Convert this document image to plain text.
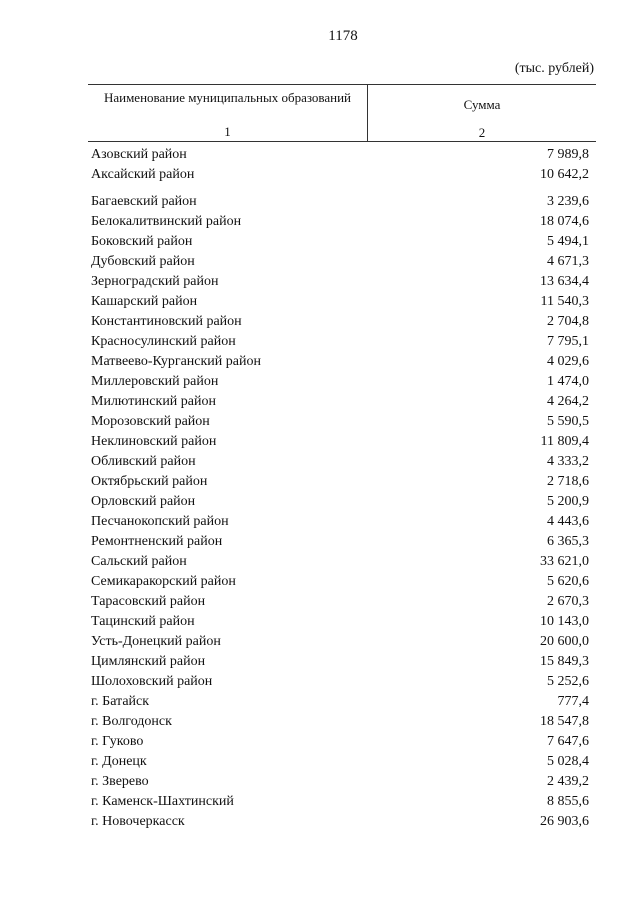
1178
(тыс. рублей)
Наименование муниципальных образований
1
Сумма
2
Азовский район	7 989,8
Аксайский район	10 642,2
Багаевский район	3 239,6
Белокалитвинский район	18 074,6
Боковский район	5 494,1
Дубовский район	4 671,3
Зерноградский район	13 634,4
Кашарский район	11 540,3
Константиновский район	2 704,8
Красносулинский район	7 795,1
Матвеево-Курганский район	4 029,6
Миллеровский район	1 474,0
Милютинский район	4 264,2
Морозовский район	5 590,5
Неклиновский район	11 809,4
Обливский район	4 333,2
Октябрьский район	2 718,6
Орловский район	5 200,9
Песчанокопский район	4 443,6
Ремонтненский район	6 365,3
Сальский район	33 621,0
Семикаракорский район	5 620,6
Тарасовский район	2 670,3
Тацинский район	10 143,0
Усть-Донецкий район	20 600,0
Цимлянский район	15 849,3
Шолоховский район	5 252,6
г. Батайск	777,4
г. Волгодонск	18 547,8
г. Гуково	7 647,6
г. Донецк	5 028,4
г. Зверево	2 439,2
г. Каменск-Шахтинский	8 855,6
г. Новочеркасск	26 903,6
